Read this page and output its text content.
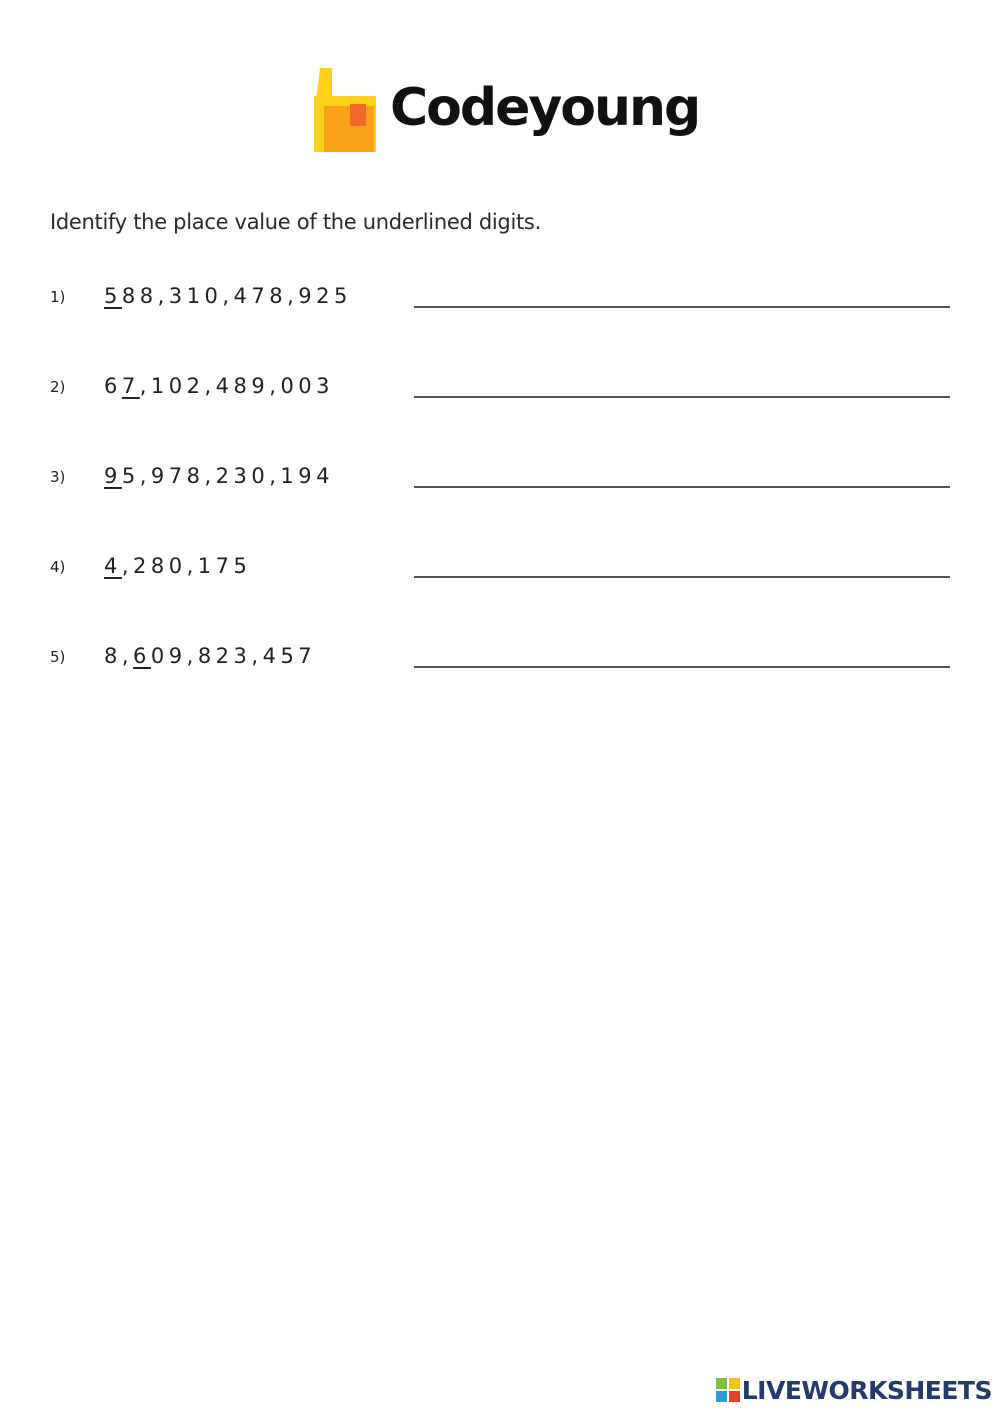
Codeyoung
Identify the place value of the underlined digits.
1) 588,310,478,925
2) 67,102,489,003
3) 95,978,230,194
4) 4,280,175
5) 8,609,823,457
LIVEWORKSHEETS
